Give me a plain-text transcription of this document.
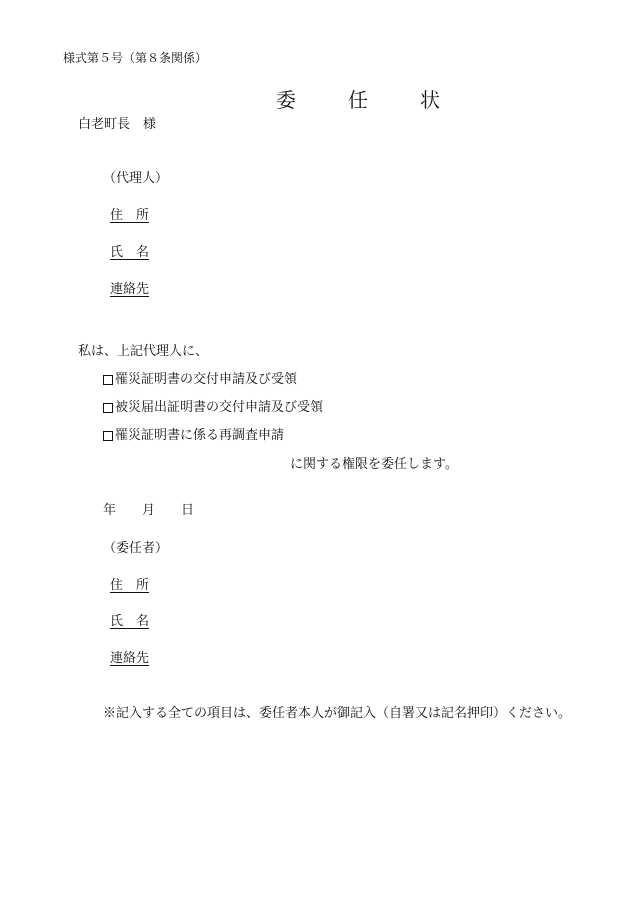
様式第５号（第８条関係）
委　任　状
白老町長　様
（代理人）
住　所
氏　名
連絡先
私は、上記代理人に、
罹災証明書の交付申請及び受領
被災届出証明書の交付申請及び受領
罹災証明書に係る再調査申請
に関する権限を委任します。
年　　月　　日
（委任者）
住　所
氏　名
連絡先
※記入する全ての項目は、委任者本人が御記入（自署又は記名押印）ください。
